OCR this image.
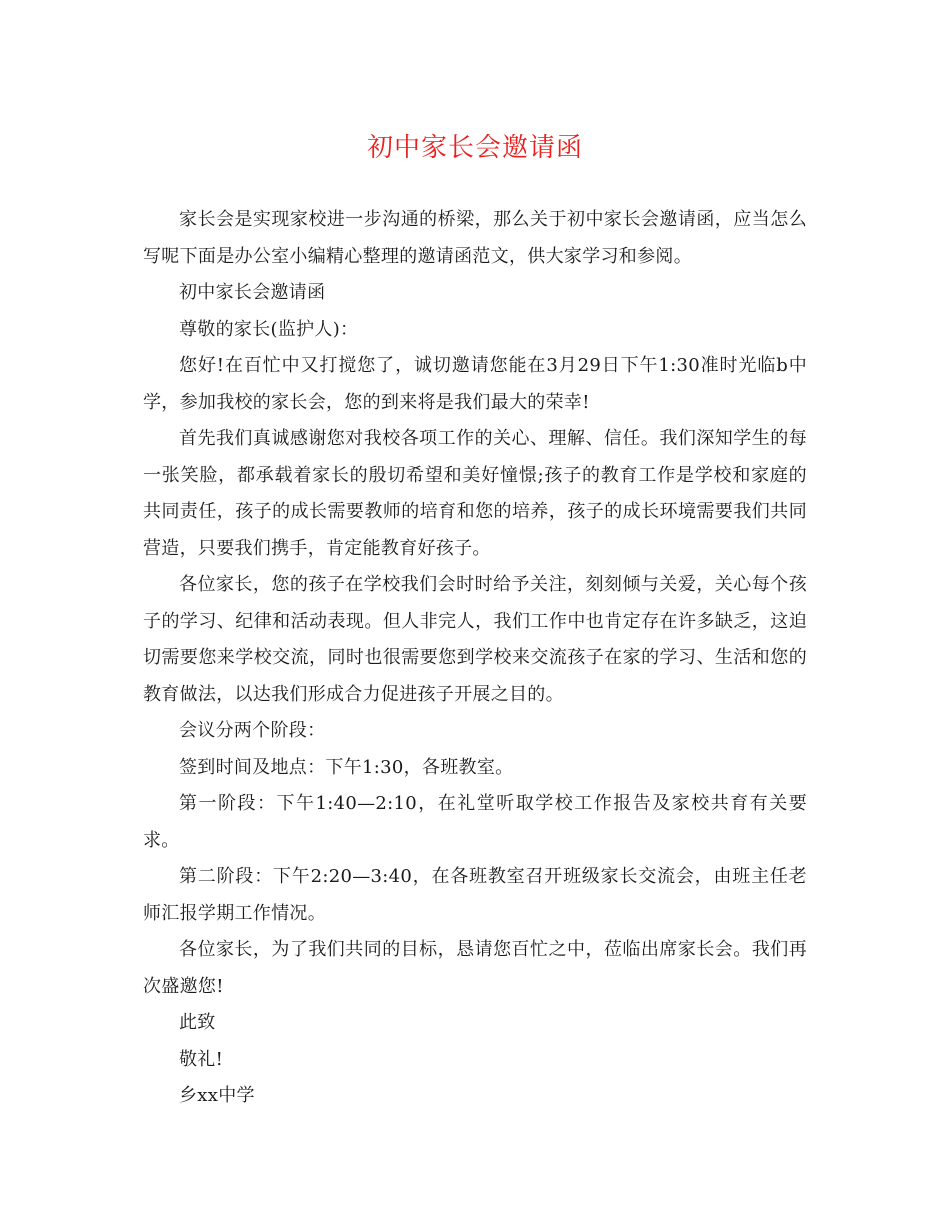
初中家长会邀请函

家长会是实现家校进一步沟通的桥梁，那么关于初中家长会邀请函，应当怎么写呢下面是办公室小编精心整理的邀请函范文，供大家学习和参阅。

初中家长会邀请函

尊敬的家长(监护人)：

您好!在百忙中又打搅您了，诚切邀请您能在3月29日下午1:30准时光临b中学，参加我校的家长会，您的到来将是我们最大的荣幸!

首先我们真诚感谢您对我校各项工作的关心、理解、信任。我们深知学生的每一张笑脸，都承载着家长的殷切希望和美好憧憬;孩子的教育工作是学校和家庭的共同责任，孩子的成长需要教师的培育和您的培养，孩子的成长环境需要我们共同营造，只要我们携手，肯定能教育好孩子。

各位家长，您的孩子在学校我们会时时给予关注，刻刻倾与关爱，关心每个孩子的学习、纪律和活动表现。但人非完人，我们工作中也肯定存在许多缺乏，这迫切需要您来学校交流，同时也很需要您到学校来交流孩子在家的学习、生活和您的教育做法，以达我们形成合力促进孩子开展之目的。

会议分两个阶段：

签到时间及地点：下午1:30，各班教室。

第一阶段：下午1:40—2:10，在礼堂听取学校工作报告及家校共育有关要求。

第二阶段：下午2:20—3:40，在各班教室召开班级家长交流会，由班主任老师汇报学期工作情况。

各位家长，为了我们共同的目标，恳请您百忙之中，莅临出席家长会。我们再次盛邀您!

此致

敬礼!

乡xx中学
